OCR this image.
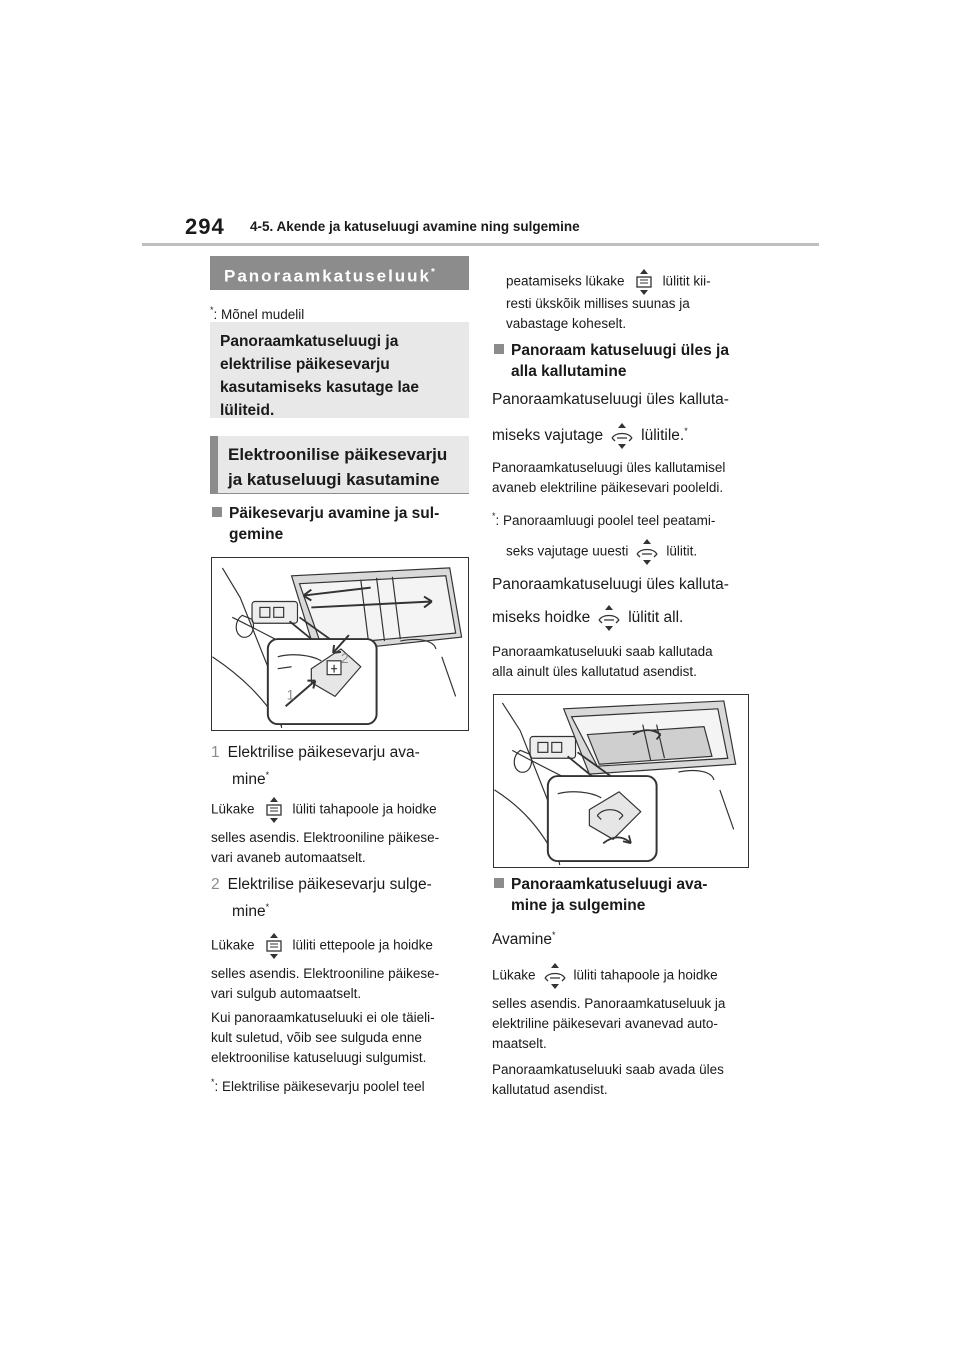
294 4-5. Akende ja katuseluugi avamine ning sulgemine
Panoraamkatuseluuk*
*: Mõnel mudelil
Panoraamkatuseluugi ja elektrilise päikesevarju kasutamiseks kasutage lae lüliteid.
Elektroonilise päikesevarju ja katuseluugi kasutamine
Päikesevarju avamine ja sul-
gemine
1
2
1 Elektrilise päikesevarju ava-
mine*
Lükake	lüliti tahapoole ja hoidke
selles asendis. Elektrooniline päikese-
vari avaneb automaatselt.
2 Elektrilise päikesevarju sulge-
mine*
Lükake	lüliti ettepoole ja hoidke
selles asendis. Elektrooniline päikese-
vari sulgub automaatselt.
Kui panoraamkatuseluuki ei ole täieli-
kult suletud, võib see sulguda enne
elektroonilise katuseluugi sulgumist.
*: Elektrilise päikesevarju poolel teel
peatamiseks lükake	lülitit kii-
resti ükskõik millises suunas ja
vabastage koheselt.
Panoraam katuseluugi üles ja
alla kallutamine
Panoraamkatuseluugi üles kalluta-
miseks vajutage lülitile.*
Panoraamkatuseluugi üles kallutamisel
avaneb elektriline päikesevari pooleldi.
*: Panoraamluugi poolel teel peatami-
seks vajutage uuesti	lülitit.
Panoraamkatuseluugi üles kalluta-
miseks hoidke lülitit all.
Panoraamkatuseluuki saab kallutada
alla ainult üles kallutatud asendist.
Panoraamkatuseluugi ava-
mine ja sulgemine
Avamine*
Lükake	lüliti tahapoole ja hoidke
selles asendis. Panoraamkatuseluuk ja
elektriline päikesevari avanevad auto-
maatselt.
Panoraamkatuseluuki saab avada üles
kallutatud asendist.
